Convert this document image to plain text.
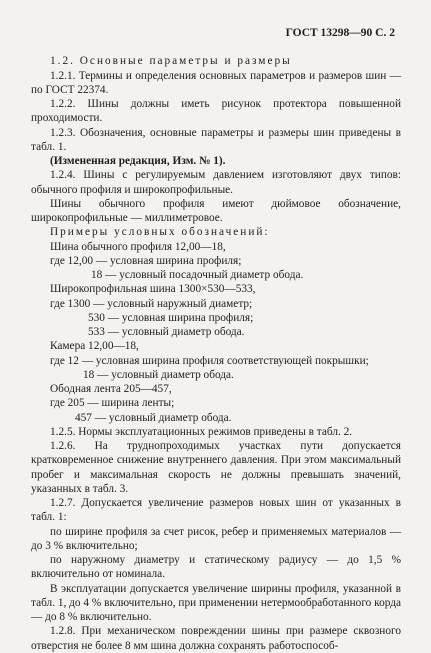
ГОСТ 13298—90 С. 2

1.2. Основные параметры и размеры

1.2.1. Термины и определения основных параметров и размеров шин — по ГОСТ 22374.

1.2.2. Шины должны иметь рисунок протектора повышенной проходимости.

1.2.3. Обозначения, основные параметры и размеры шин приведены в табл. 1.

(Измененная редакция, Изм. № 1).

1.2.4. Шины с регулируемым давлением изготовляют двух типов: обычного профиля и широкопрофильные.

Шины обычного профиля имеют дюймовое обозначение, широкопрофильные — миллиметровое.

Примеры условных обозначений:

Шина обычного профиля 12,00—18,

где 12,00 — условная ширина профиля;

18 — условный посадочный диаметр обода.

Широкопрофильная шина 1300×530—533,

где 1300 — условный наружный диаметр;

530 — условная ширина профиля;

533 — условный диаметр обода.

Камера 12,00—18,

где 12 — условная ширина профиля соответствующей покрышки;

18 — условный диаметр обода.

Ободная лента 205—457,

где 205 — ширина ленты;

457 — условный диаметр обода.

1.2.5. Нормы эксплуатационных режимов приведены в табл. 2.

1.2.6. На труднопроходимых участках пути допускается кратковременное снижение внутреннего давления. При этом максимальный пробег и максимальная скорость не должны превышать значений, указанных в табл. 3.

1.2.7. Допускается увеличение размеров новых шин от указанных в табл. 1:

по ширине профиля за счет рисок, ребер и применяемых материалов — до 3 % включительно;

по наружному диаметру и статическому радиусу — до 1,5 % включительно от номинала.

В эксплуатации допускается увеличение ширины профиля, указанной в табл. 1, до 4 % включительно, при применении нетермообработанного корда — до 8 % включительно.

1.2.8. При механическом повреждении шины при размере сквозного отверстия не более 8 мм шина должна сохранять работоспособ-
